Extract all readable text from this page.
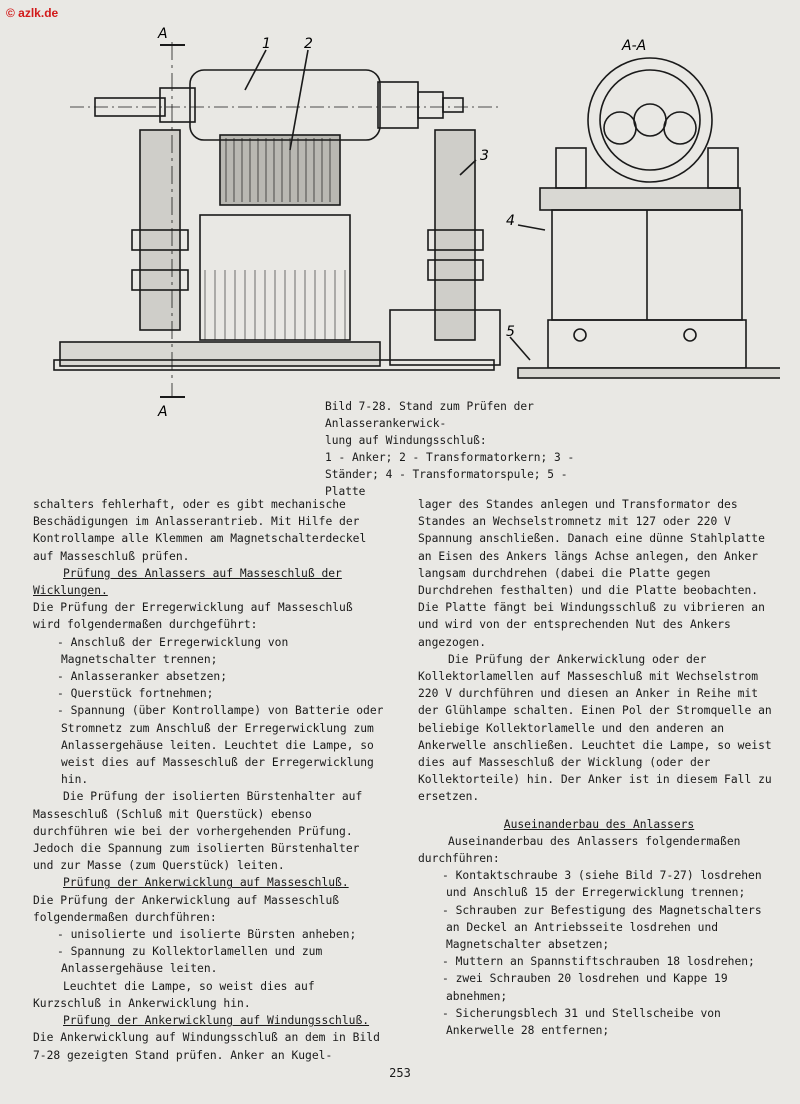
© azlk.de
A
A
A-A
1 2
3
4
5
Bild 7-28. Stand zum Prüfen der Anlasserankerwick-
lung auf Windungsschluß:
1 - Anker; 2 - Transformatorkern; 3 -
Ständer; 4 - Transformatorspule; 5 -
Platte

schalters fehlerhaft, oder es gibt mechanische Beschädigungen im Anlasserantrieb. Mit Hilfe der Kontrollampe alle Klemmen am Magnetschalterdeckel auf Masseschluß prüfen.

Prüfung des Anlassers auf Masseschluß der Wicklungen. Die Prüfung der Erregerwicklung auf Masseschluß wird folgendermaßen durchgeführt:

- Anschluß der Erregerwicklung von Magnetschalter trennen;

- Anlasseranker absetzen;

- Querstück fortnehmen;

- Spannung (über Kontrollampe) von Batterie oder Stromnetz zum Anschluß der Erregerwicklung zum Anlassergehäuse leiten. Leuchtet die Lampe, so weist dies auf Masseschluß der Erregerwicklung hin.

Die Prüfung der isolierten Bürstenhalter auf Masseschluß (Schluß mit Querstück) ebenso durchführen wie bei der vorhergehenden Prüfung. Jedoch die Spannung zum isolierten Bürstenhalter und zur Masse (zum Querstück) leiten.

Prüfung der Ankerwicklung auf Masseschluß.

Die Prüfung der Ankerwicklung auf Masseschluß folgendermaßen durchführen:

- unisolierte und isolierte Bürsten anheben;

- Spannung zu Kollektorlamellen und zum Anlassergehäuse leiten.

Leuchtet die Lampe, so weist dies auf Kurzschluß in Ankerwicklung hin.

Prüfung der Ankerwicklung auf Windungsschluß.

Die Ankerwicklung auf Windungsschluß an dem in Bild 7-28 gezeigten Stand prüfen. Anker an Kugel-

lager des Standes anlegen und Transformator des Standes an Wechselstromnetz mit 127 oder 220 V Spannung anschließen. Danach eine dünne Stahlplatte an Eisen des Ankers längs Achse anlegen, den Anker langsam durchdrehen (dabei die Platte gegen Durchdrehen festhalten) und die Platte beobachten. Die Platte fängt bei Windungsschluß zu vibrieren an und wird von der entsprechenden Nut des Ankers angezogen.

Die Prüfung der Ankerwicklung oder der Kollektorlamellen auf Masseschluß mit Wechselstrom 220 V durchführen und diesen an Anker in Reihe mit der Glühlampe schalten. Einen Pol der Stromquelle an beliebige Kollektorlamelle und den anderen an Ankerwelle anschließen. Leuchtet die Lampe, so weist dies auf Masseschluß der Wicklung (oder der Kollektorteile) hin. Der Anker ist in diesem Fall zu ersetzen.

Auseinanderbau des Anlassers

Auseinanderbau des Anlassers folgendermaßen durchführen:

- Kontaktschraube 3 (siehe Bild 7-27) losdrehen und Anschluß 15 der Erregerwicklung trennen;

- Schrauben zur Befestigung des Magnetschalters an Deckel an Antriebsseite losdrehen und Magnetschalter absetzen;

- Muttern an Spannstiftschrauben 18 losdrehen;

- zwei Schrauben 20 losdrehen und Kappe 19 abnehmen;

- Sicherungsblech 31 und Stellscheibe von Ankerwelle 28 entfernen;

253
